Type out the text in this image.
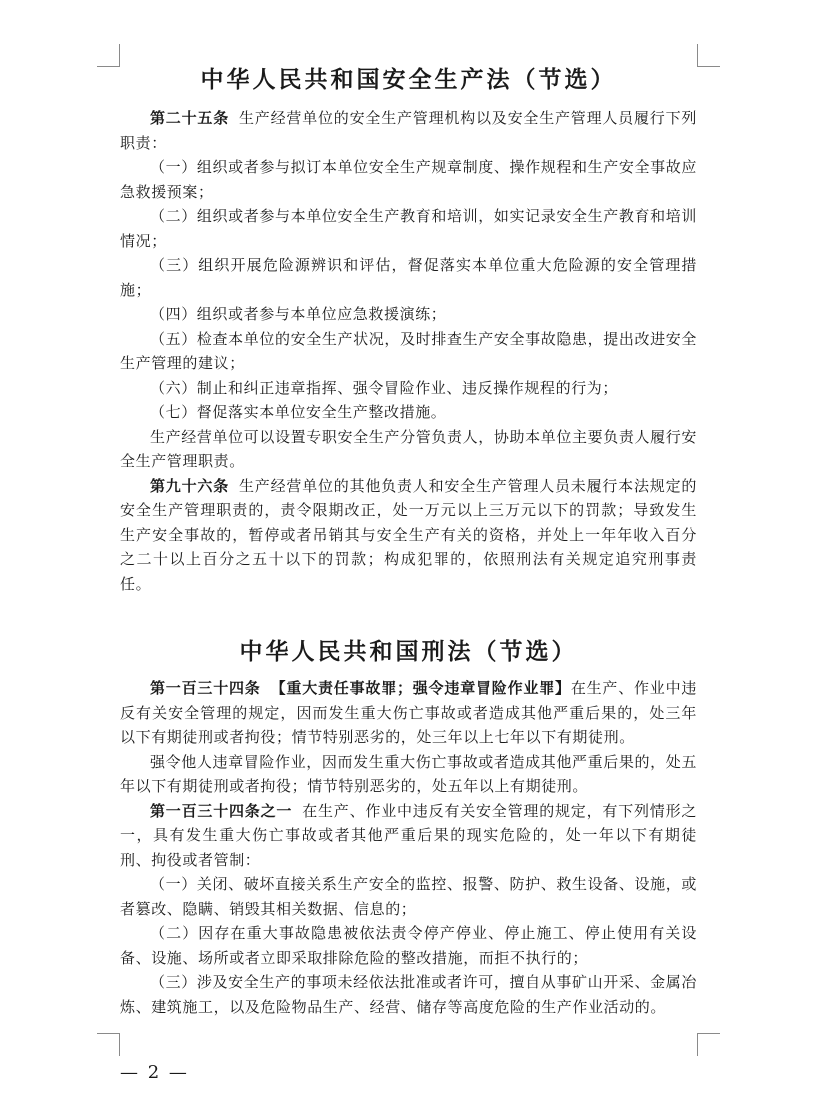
中华人民共和国安全生产法（节选）

第二十五条 生产经营单位的安全生产管理机构以及安全生产管理人员履行下列职责：

（一）组织或者参与拟订本单位安全生产规章制度、操作规程和生产安全事故应急救援预案；

（二）组织或者参与本单位安全生产教育和培训，如实记录安全生产教育和培训情况；

（三）组织开展危险源辨识和评估，督促落实本单位重大危险源的安全管理措施；

（四）组织或者参与本单位应急救援演练；

（五）检查本单位的安全生产状况，及时排查生产安全事故隐患，提出改进安全生产管理的建议；

（六）制止和纠正违章指挥、强令冒险作业、违反操作规程的行为；

（七）督促落实本单位安全生产整改措施。

生产经营单位可以设置专职安全生产分管负责人，协助本单位主要负责人履行安全生产管理职责。

第九十六条 生产经营单位的其他负责人和安全生产管理人员未履行本法规定的安全生产管理职责的，责令限期改正，处一万元以上三万元以下的罚款；导致发生生产安全事故的，暂停或者吊销其与安全生产有关的资格，并处上一年年收入百分之二十以上百分之五十以下的罚款；构成犯罪的，依照刑法有关规定追究刑事责任。

中华人民共和国刑法（节选）

第一百三十四条 【重大责任事故罪；强令违章冒险作业罪】在生产、作业中违反有关安全管理的规定，因而发生重大伤亡事故或者造成其他严重后果的，处三年以下有期徒刑或者拘役；情节特别恶劣的，处三年以上七年以下有期徒刑。

强令他人违章冒险作业，因而发生重大伤亡事故或者造成其他严重后果的，处五年以下有期徒刑或者拘役；情节特别恶劣的，处五年以上有期徒刑。

第一百三十四条之一 在生产、作业中违反有关安全管理的规定，有下列情形之一，具有发生重大伤亡事故或者其他严重后果的现实危险的，处一年以下有期徒刑、拘役或者管制：

（一）关闭、破坏直接关系生产安全的监控、报警、防护、救生设备、设施，或者篡改、隐瞒、销毁其相关数据、信息的；

（二）因存在重大事故隐患被依法责令停产停业、停止施工、停止使用有关设备、设施、场所或者立即采取排除危险的整改措施，而拒不执行的；

（三）涉及安全生产的事项未经依法批准或者许可，擅自从事矿山开采、金属冶炼、建筑施工，以及危险物品生产、经营、储存等高度危险的生产作业活动的。

— 2 —
